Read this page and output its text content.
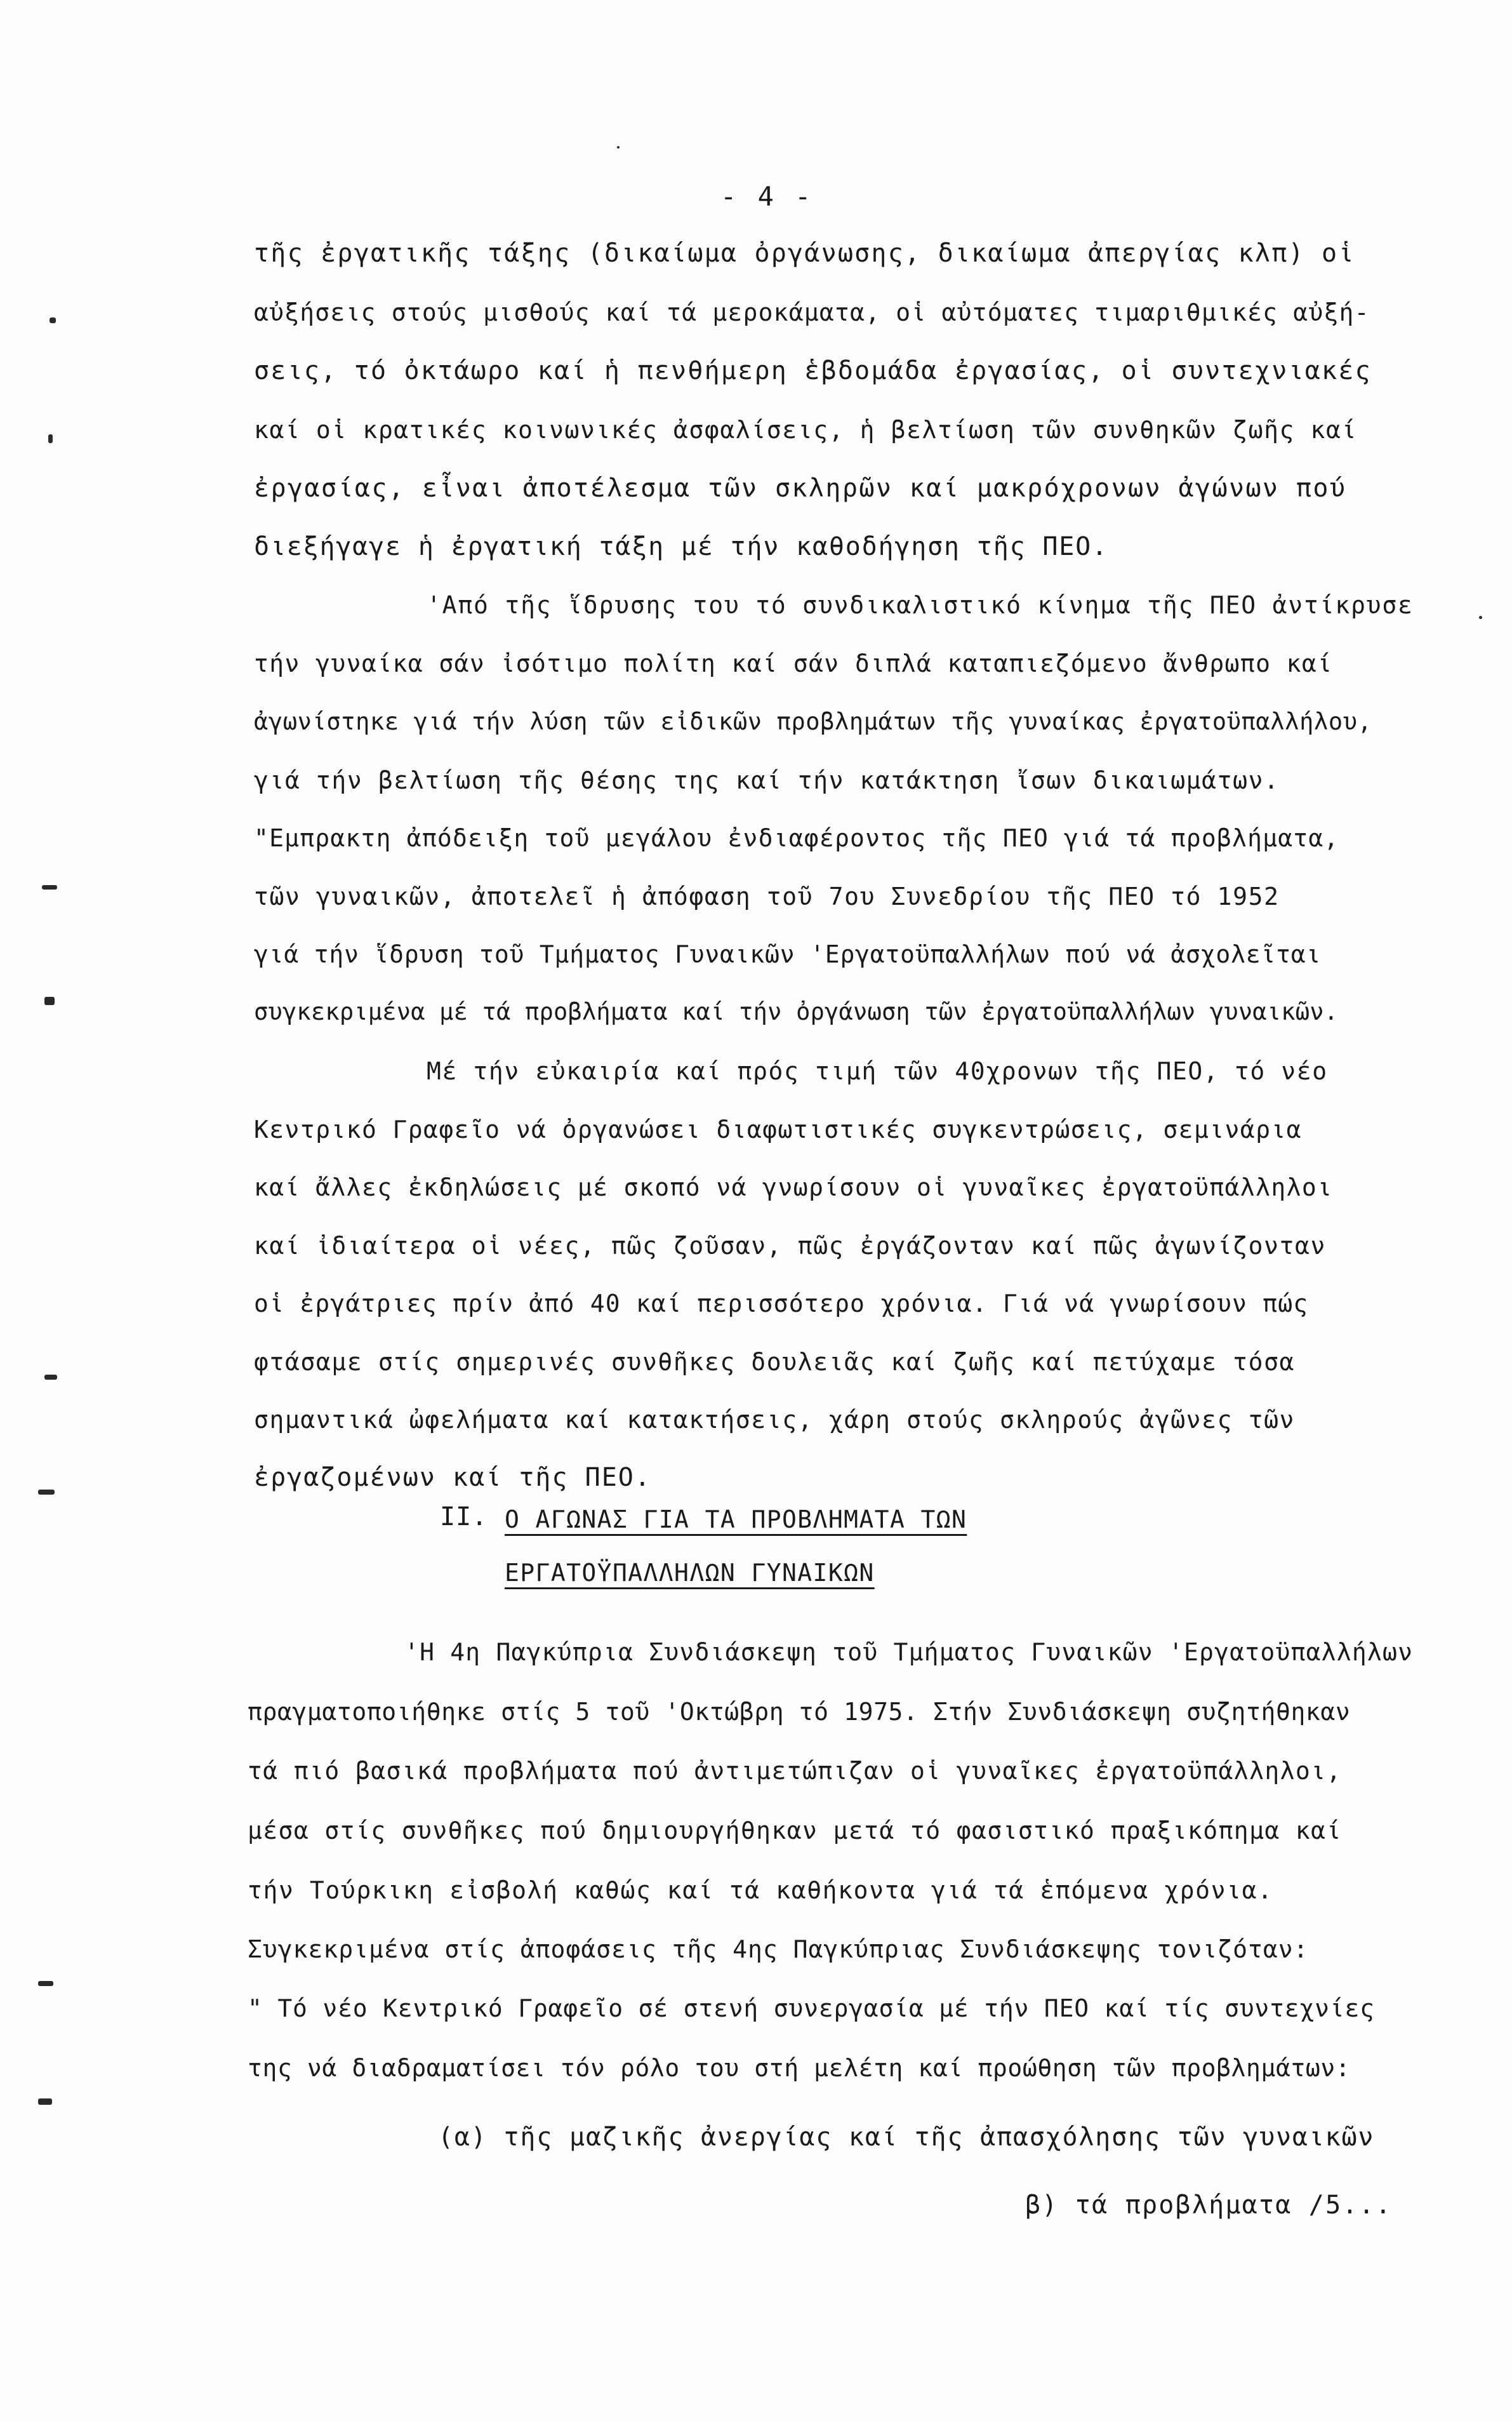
- 4 -
τῆς ἐργατικῆς τάξης (δικαίωμα ὀργάνωσης, δικαίωμα ἀπεργίας κλπ) οἱ
αὐξήσεις στούς μισθούς καί τά μεροκάματα, οἱ αὐτόματες τιμαριθμικές αὐξή-
σεις, τό ὀκτάωρο καί ἡ πενθήμερη ἑβδομάδα ἐργασίας, οἱ συντεχνιακές
καί οἱ κρατικές κοινωνικές ἀσφαλίσεις, ἡ βελτίωση τῶν συνθηκῶν ζωῆς καί
ἐργασίας, εἶναι ἀποτέλεσμα τῶν σκληρῶν καί μακρόχρονων ἀγώνων πού
διεξήγαγε ἡ ἐργατική τάξη μέ τήν καθοδήγηση τῆς ΠΕΟ.
'Από τῆς ἵδρυσης του τό συνδικαλιστικό κίνημα τῆς ΠΕΟ ἀντίκρυσε
τήν γυναίκα σάν ἰσότιμο πολίτη καί σάν διπλά καταπιεζόμενο ἄνθρωπο καί
ἀγωνίστηκε γιά τήν λύση τῶν εἰδικῶν προβλημάτων τῆς γυναίκας ἐργατοϋπαλλήλου,
γιά τήν βελτίωση τῆς θέσης της καί τήν κατάκτηση ἴσων δικαιωμάτων.
"Εμπρακτη ἀπόδειξη τοῦ μεγάλου ἐνδιαφέροντος τῆς ΠΕΟ γιά τά προβλήματα,
τῶν γυναικῶν, ἀποτελεῖ ἡ ἀπόφαση τοῦ 7ου Συνεδρίου τῆς ΠΕΟ τό 1952
γιά τήν ἵδρυση τοῦ Τμήματος Γυναικῶν 'Εργατοϋπαλλήλων πού νά ἀσχολεῖται
συγκεκριμένα μέ τά προβλήματα καί τήν ὀργάνωση τῶν ἐργατοϋπαλλήλων γυναικῶν.
Μέ τήν εὐκαιρία καί πρός τιμή τῶν 40χρονων τῆς ΠΕΟ, τό νέο
Κεντρικό Γραφεῖο νά ὀργανώσει διαφωτιστικές συγκεντρώσεις, σεμινάρια
καί ἄλλες ἐκδηλώσεις μέ σκοπό νά γνωρίσουν οἱ γυναῖκες ἐργατοϋπάλληλοι
καί ἰδιαίτερα οἱ νέες, πῶς ζοῦσαν, πῶς ἐργάζονταν καί πῶς ἀγωνίζονταν
οἱ ἐργάτριες πρίν ἀπό 40 καί περισσότερο χρόνια. Γιά νά γνωρίσουν πώς
φτάσαμε στίς σημερινές συνθῆκες δουλειᾶς καί ζωῆς καί πετύχαμε τόσα
σημαντικά ὠφελήματα καί κατακτήσεις, χάρη στούς σκληρούς ἀγῶνες τῶν
ἐργαζομένων καί τῆς ΠΕΟ.
II. Ο ΑΓΩΝΑΣ ΓΙΑ ΤΑ ΠΡΟΒΛΗΜΑΤΑ ΤΩΝ
ΕΡΓΑΤΟΫΠΑΛΛΗΛΩΝ ΓΥΝΑΙΚΩΝ
'Η 4η Παγκύπρια Συνδιάσκεψη τοῦ Τμήματος Γυναικῶν 'Εργατοϋπαλλήλων
πραγματοποιήθηκε στίς 5 τοῦ 'Οκτώβρη τό 1975. Στήν Συνδιάσκεψη συζητήθηκαν
τά πιό βασικά προβλήματα πού ἀντιμετώπιζαν οἱ γυναῖκες ἐργατοϋπάλληλοι,
μέσα στίς συνθῆκες πού δημιουργήθηκαν μετά τό φασιστικό πραξικόπημα καί
τήν Τούρκικη εἰσβολή καθώς καί τά καθήκοντα γιά τά ἑπόμενα χρόνια.
Συγκεκριμένα στίς ἀποφάσεις τῆς 4ης Παγκύπριας Συνδιάσκεψης τονιζόταν:
" Τό νέο Κεντρικό Γραφεῖο σέ στενή συνεργασία μέ τήν ΠΕΟ καί τίς συντεχνίες
της νά διαδραματίσει τόν ρόλο του στή μελέτη καί προώθηση τῶν προβλημάτων:
(α) τῆς μαζικῆς ἀνεργίας καί τῆς ἀπασχόλησης τῶν γυναικῶν
β) τά προβλήματα /5...
